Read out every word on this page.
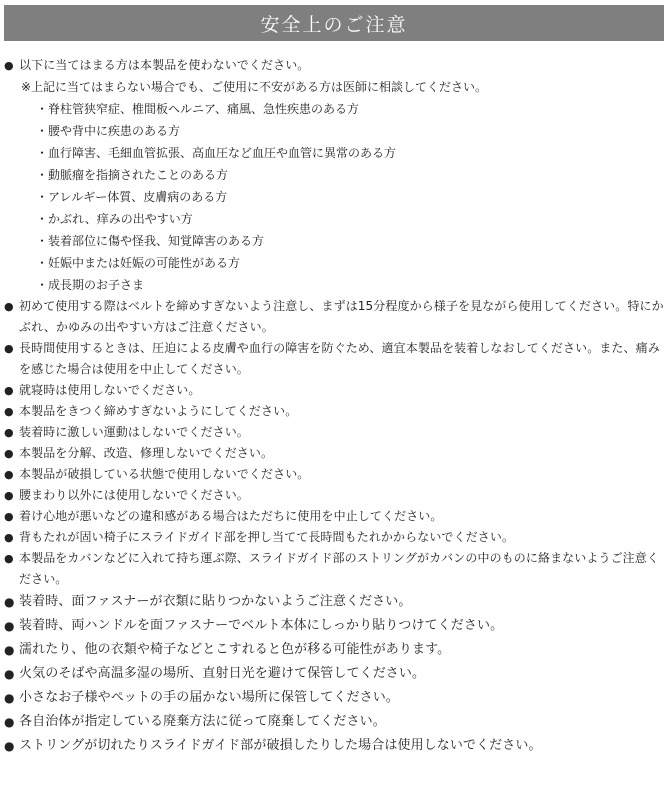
安全上のご注意
● 以下に当てはまる方は本製品を使わないでください。
※上記に当てはまらない場合でも、ご使用に不安がある方は医師に相談してください。
・脊柱管狭窄症、椎間板ヘルニア、痛風、急性疾患のある方
・腰や背中に疾患のある方
・血行障害、毛細血管拡張、高血圧など血圧や血管に異常のある方
・動脈瘤を指摘されたことのある方
・アレルギー体質、皮膚病のある方
・かぶれ、痒みの出やすい方
・装着部位に傷や怪我、知覚障害のある方
・妊娠中または妊娠の可能性がある方
・成長期のお子さま
● 初めて使用する際はベルトを締めすぎないよう注意し、まずは15分程度から様子を見ながら使用してください。特にかぶれ、かゆみの出やすい方はご注意ください。
● 長時間使用するときは、圧迫による皮膚や血行の障害を防ぐため、適宜本製品を装着しなおしてください。また、痛みを感じた場合は使用を中止してください。
● 就寝時は使用しないでください。
● 本製品をきつく締めすぎないようにしてください。
● 装着時に激しい運動はしないでください。
● 本製品を分解、改造、修理しないでください。
● 本製品が破損している状態で使用しないでください。
● 腰まわり以外には使用しないでください。
● 着け心地が悪いなどの違和感がある場合はただちに使用を中止してください。
● 背もたれが固い椅子にスライドガイド部を押し当てて長時間もたれかからないでください。
● 本製品をカバンなどに入れて持ち運ぶ際、スライドガイド部のストリングがカバンの中のものに絡まないようご注意ください。
● 装着時、面ファスナーが衣類に貼りつかないようご注意ください。
● 装着時、両ハンドルを面ファスナーでベルト本体にしっかり貼りつけてください。
● 濡れたり、他の衣類や椅子などとこすれると色が移る可能性があります。
● 火気のそばや高温多湿の場所、直射日光を避けて保管してください。
● 小さなお子様やペットの手の届かない場所に保管してください。
● 各自治体が指定している廃棄方法に従って廃棄してください。
● ストリングが切れたりスライドガイド部が破損したりした場合は使用しないでください。
